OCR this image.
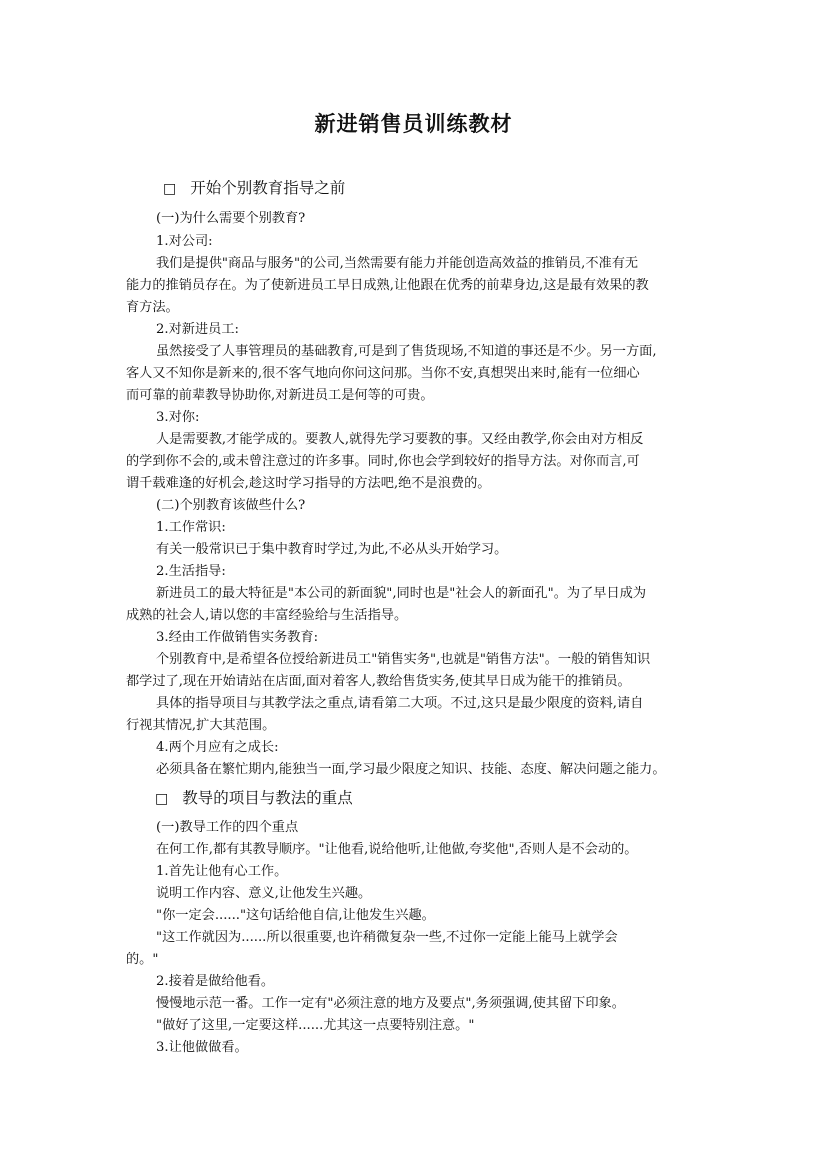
新进销售员训练教材
□ 开始个别教育指导之前
(一)为什么需要个别教育?
1.对公司:
我们是提供"商品与服务"的公司,当然需要有能力并能创造高效益的推销员,不准有无
能力的推销员存在。为了使新进员工早日成熟,让他跟在优秀的前辈身边,这是最有效果的教
育方法。
2.对新进员工:
虽然接受了人事管理员的基础教育,可是到了售货现场,不知道的事还是不少。另一方面,
客人又不知你是新来的,很不客气地向你问这问那。当你不安,真想哭出来时,能有一位细心
而可靠的前辈教导协助你,对新进员工是何等的可贵。
3.对你:
人是需要教,才能学成的。要教人,就得先学习要教的事。又经由教学,你会由对方相反
的学到你不会的,或未曾注意过的许多事。同时,你也会学到较好的指导方法。对你而言,可
谓千载难逢的好机会,趁这时学习指导的方法吧,绝不是浪费的。
(二)个别教育该做些什么?
1.工作常识:
有关一般常识已于集中教育时学过,为此,不必从头开始学习。
2.生活指导:
新进员工的最大特征是"本公司的新面貌",同时也是"社会人的新面孔"。为了早日成为
成熟的社会人,请以您的丰富经验给与生活指导。
3.经由工作做销售实务教育:
个别教育中,是希望各位授给新进员工"销售实务",也就是"销售方法"。一般的销售知识
都学过了,现在开始请站在店面,面对着客人,教给售货实务,使其早日成为能干的推销员。
具体的指导项目与其教学法之重点,请看第二大项。不过,这只是最少限度的资料,请自
行视其情况,扩大其范围。
4.两个月应有之成长:
必须具备在繁忙期内,能独当一面,学习最少限度之知识、技能、态度、解决问题之能力。
□ 教导的项目与教法的重点
(一)教导工作的四个重点
在何工作,都有其教导顺序。"让他看,说给他听,让他做,夸奖他",否则人是不会动的。
1.首先让他有心工作。
说明工作内容、意义,让他发生兴趣。
"你一定会......"这句话给他自信,让他发生兴趣。
"这工作就因为......所以很重要,也许稍微复杂一些,不过你一定能上能马上就学会
的。"
2.接着是做给他看。
慢慢地示范一番。工作一定有"必须注意的地方及要点",务须强调,使其留下印象。
"做好了这里,一定要这样......尤其这一点要特别注意。"
3.让他做做看。
